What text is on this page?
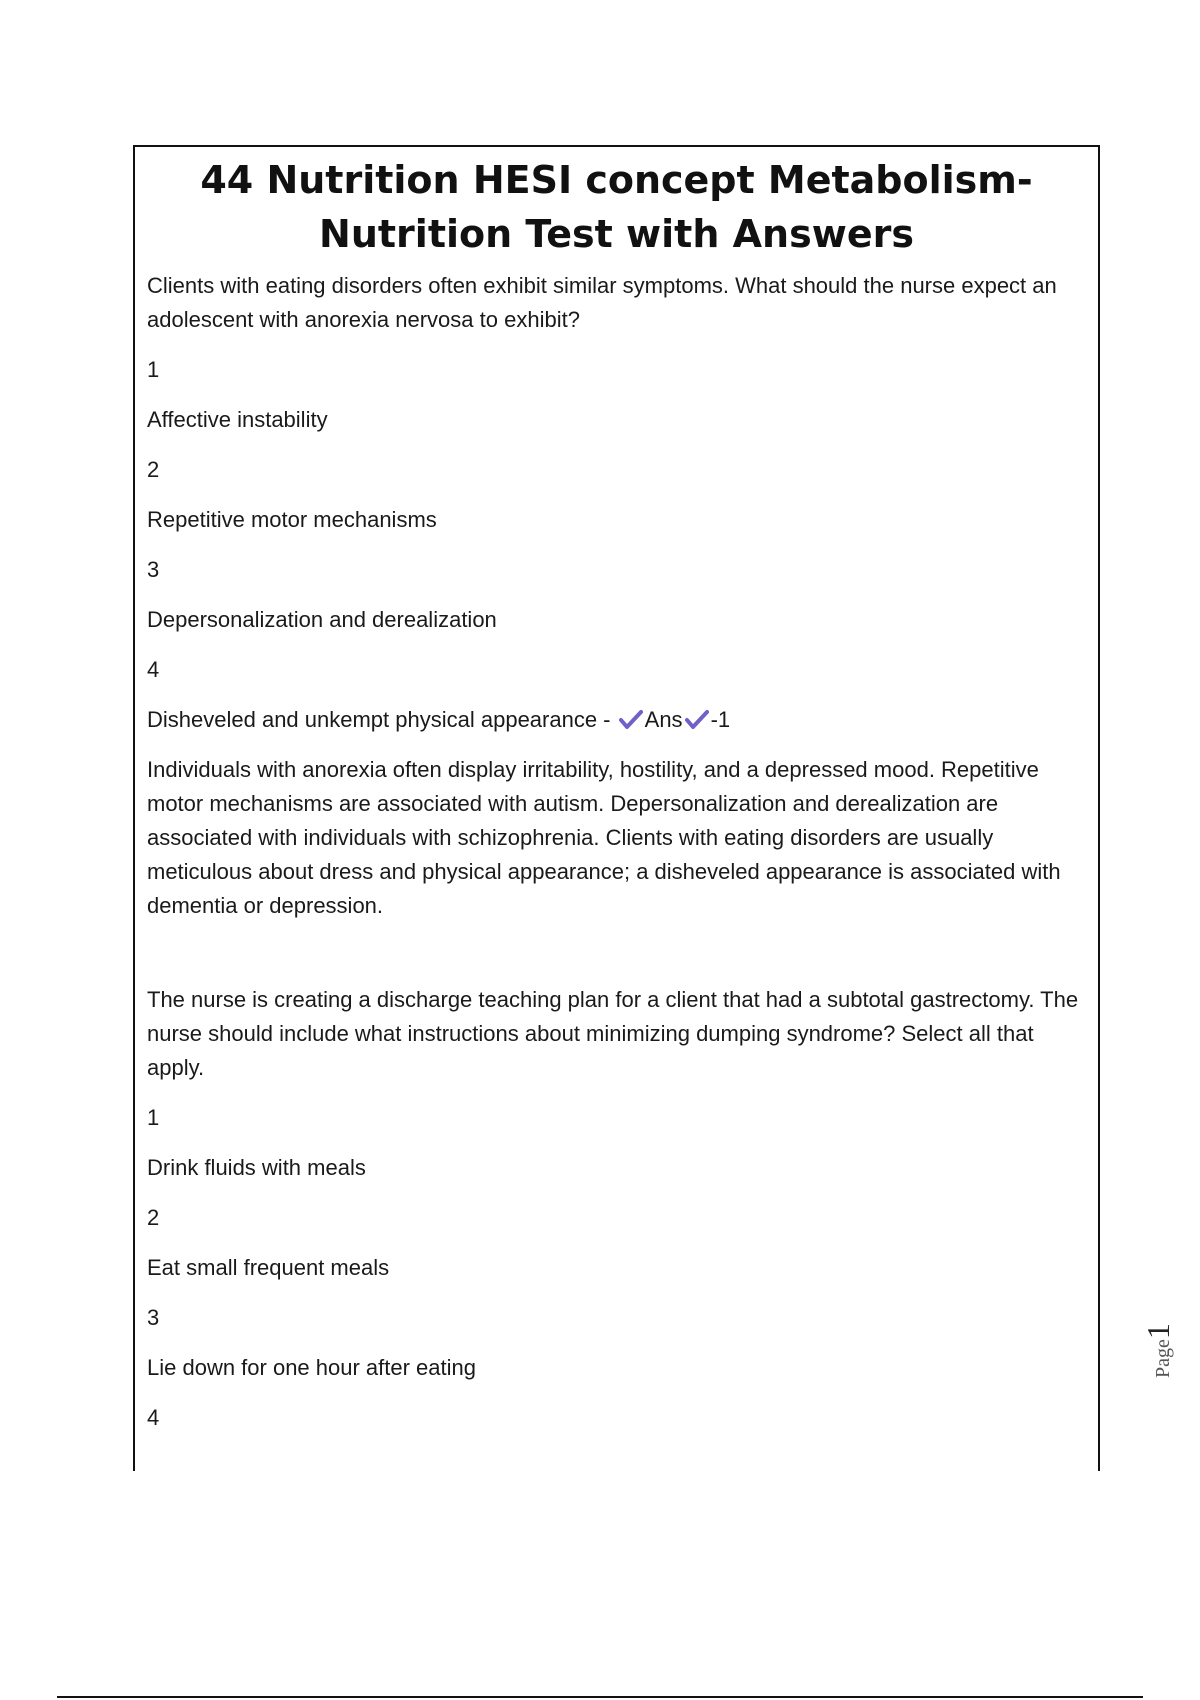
44 Nutrition HESI concept Metabolism- Nutrition Test with Answers
Clients with eating disorders often exhibit similar symptoms. What should the nurse expect an adolescent with anorexia nervosa to exhibit?
1
Affective instability
2
Repetitive motor mechanisms
3
Depersonalization and derealization
4
Disheveled and unkempt physical appearance - Ans -1
Individuals with anorexia often display irritability, hostility, and a depressed mood. Repetitive motor mechanisms are associated with autism. Depersonalization and derealization are associated with individuals with schizophrenia. Clients with eating disorders are usually meticulous about dress and physical appearance; a disheveled appearance is associated with dementia or depression.
The nurse is creating a discharge teaching plan for a client that had a subtotal gastrectomy. The nurse should include what instructions about minimizing dumping syndrome? Select all that apply.
1
Drink fluids with meals
2
Eat small frequent meals
3
Lie down for one hour after eating
4
Page1
